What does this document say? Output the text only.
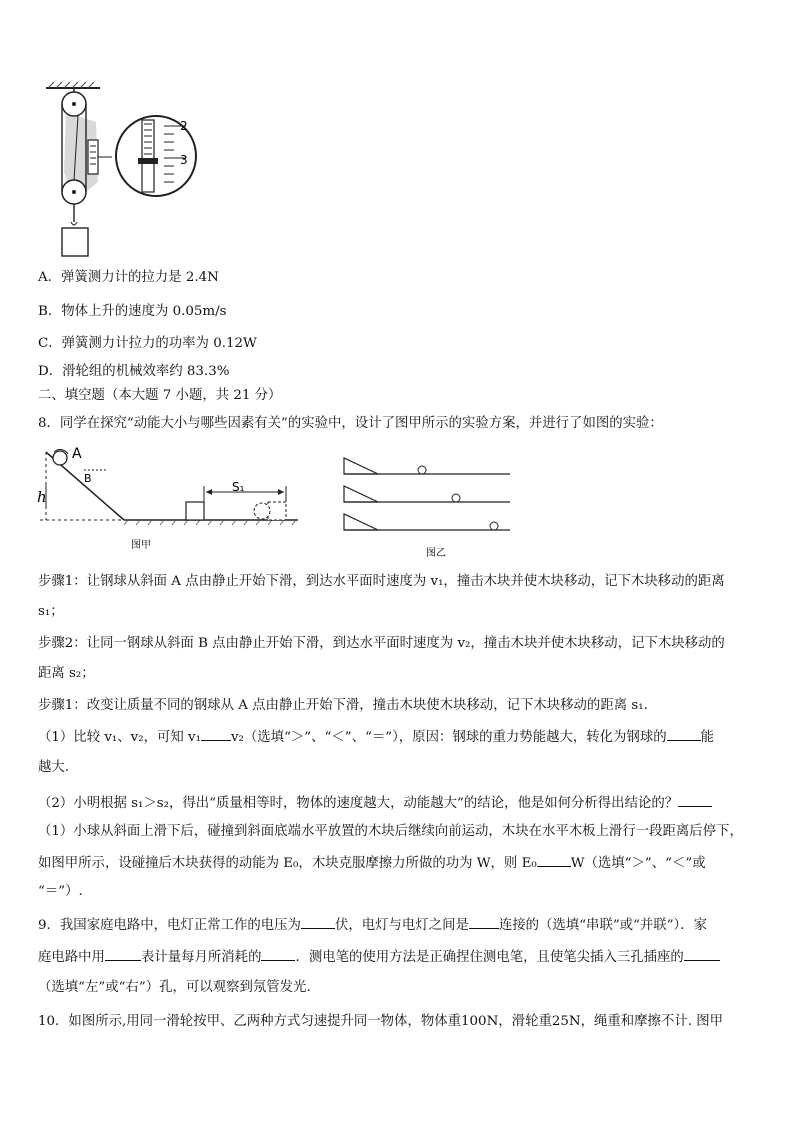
2
3
A．弹簧测力计的拉力是 2.4N
B．物体上升的速度为 0.05m/s
C．弹簧测力计拉力的功率为 0.12W
D．滑轮组的机械效率约 83.3%
二、填空题（本大题 7 小题，共 21 分）
8．同学在探究“动能大小与哪些因素有关”的实验中，设计了图甲所示的实验方案，并进行了如图的实验：
A
B
h
S₁
图甲
图乙
步骤1：让钢球从斜面 A 点由静止开始下滑，到达水平面时速度为 v₁，撞击木块并使木块移动，记下木块移动的距离
s₁；
步骤2：让同一钢球从斜面 B 点由静止开始下滑，到达水平面时速度为 v₂，撞击木块并使木块移动，记下木块移动的
距离 s₂；
步骤1：改变让质量不同的钢球从 A 点由静止开始下滑，撞击木块使木块移动，记下木块移动的距离 s₁.
（1）比较 v₁、v₂，可知 v₁ v₂（选填“＞”、“＜”、“＝”），原因：钢球的重力势能越大，转化为钢球的	能
越大.
（2）小明根据 s₁＞s₂，得出“质量相等时，物体的速度越大，动能越大”的结论，他是如何分析得出结论的？
（1）小球从斜面上滑下后，碰撞到斜面底端水平放置的木块后继续向前运动，木块在水平木板上滑行一段距离后停下，
如图甲所示，设碰撞后木块获得的动能为 E₀，木块克服摩擦力所做的功为 W，则 E₀	W（选填“＞”、“＜”或
“＝”）.
9．我国家庭电路中，电灯正常工作的电压为	伏，电灯与电灯之间是 连接的（选填“串联”或“并联”）．家
庭电路中用	表计量每月所消耗的	．测电笔的使用方法是正确捏住测电笔，且使笔尖插入三孔插座的
（选填“左”或“右”）孔，可以观察到氖管发光.
10．如图所示,用同一滑轮按甲、乙两种方式匀速提升同一物体，物体重100N，滑轮重25N，绳重和摩擦不计. 图甲
